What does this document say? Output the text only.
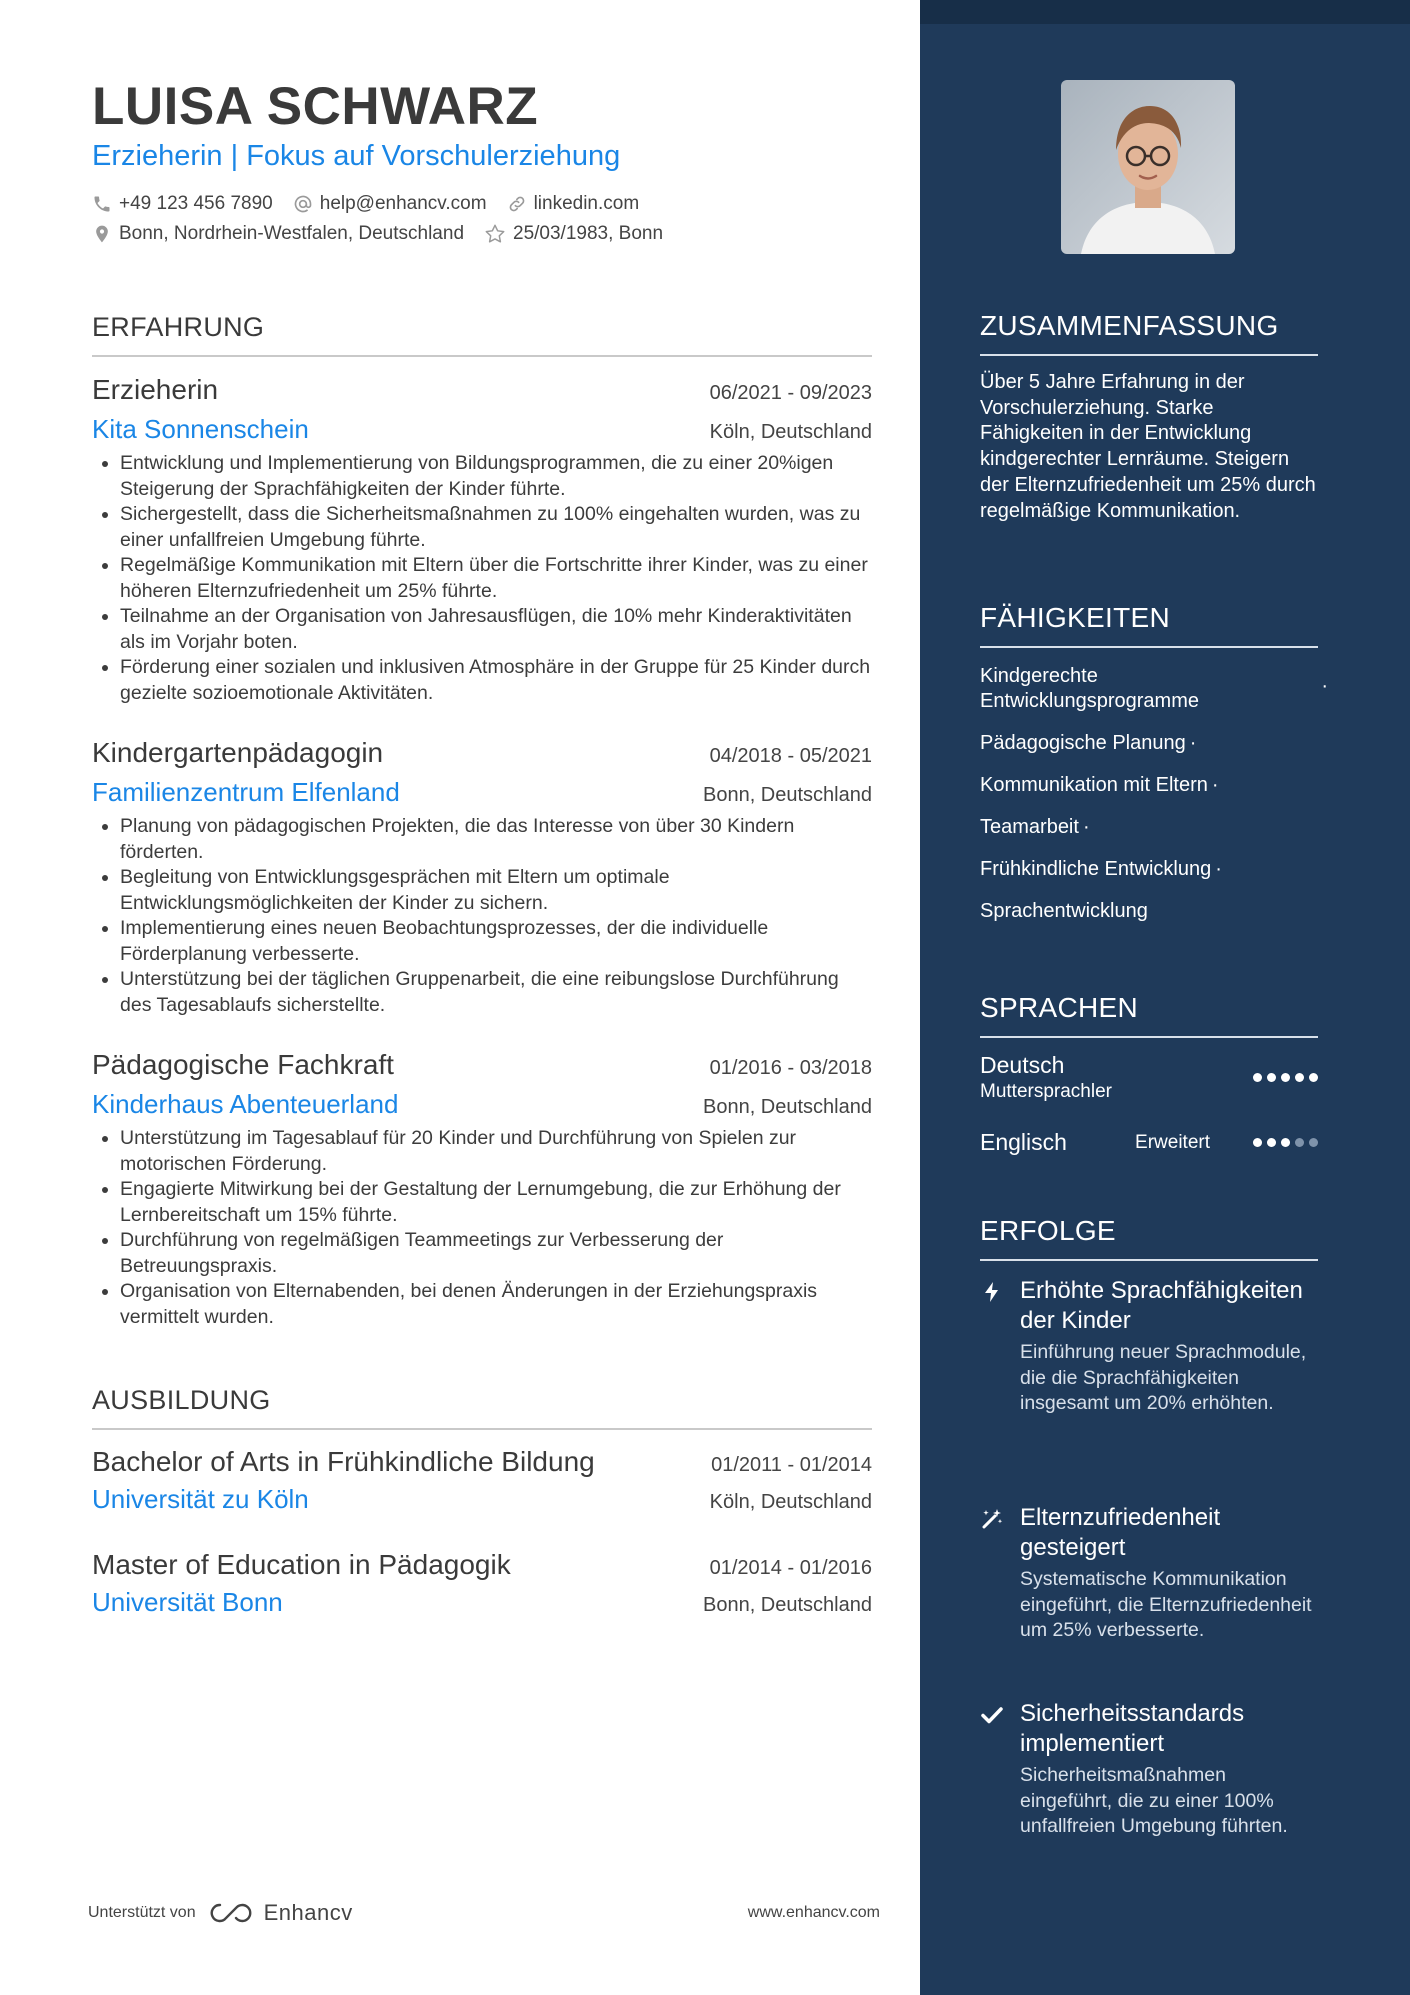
LUISA SCHWARZ
Erzieherin | Fokus auf Vorschulerziehung
+49 123 456 7890 help@enhancv.com linkedin.com
Bonn, Nordrhein-Westfalen, Deutschland	25/03/1983, Bonn
ERFAHRUNG
Erzieherin	06/2021 - 09/2023
Kita Sonnenschein	Köln, Deutschland
• Entwicklung und Implementierung von Bildungsprogrammen, die zu einer 20%igen Steigerung der Sprachfähigkeiten der Kinder führte.
• Sichergestellt, dass die Sicherheitsmaßnahmen zu 100% eingehalten wurden, was zu einer unfallfreien Umgebung führte.
• Regelmäßige Kommunikation mit Eltern über die Fortschritte ihrer Kinder, was zu einer höheren Elternzufriedenheit um 25% führte.
• Teilnahme an der Organisation von Jahresausflügen, die 10% mehr Kinderaktivitäten als im Vorjahr boten.
• Förderung einer sozialen und inklusiven Atmosphäre in der Gruppe für 25 Kinder durch gezielte sozioemotionale Aktivitäten.
Kindergartenpädagogin	04/2018 - 05/2021
Familienzentrum Elfenland	Bonn, Deutschland
• Planung von pädagogischen Projekten, die das Interesse von über 30 Kindern förderten.
• Begleitung von Entwicklungsgesprächen mit Eltern um optimale Entwicklungsmöglichkeiten der Kinder zu sichern.
• Implementierung eines neuen Beobachtungsprozesses, der die individuelle Förderplanung verbesserte.
• Unterstützung bei der täglichen Gruppenarbeit, die eine reibungslose Durchführung des Tagesablaufs sicherstellte.
Pädagogische Fachkraft	01/2016 - 03/2018
Kinderhaus Abenteuerland	Bonn, Deutschland
• Unterstützung im Tagesablauf für 20 Kinder und Durchführung von Spielen zur motorischen Förderung.
• Engagierte Mitwirkung bei der Gestaltung der Lernumgebung, die zur Erhöhung der Lernbereitschaft um 15% führte.
• Durchführung von regelmäßigen Teammeetings zur Verbesserung der Betreuungspraxis.
• Organisation von Elternabenden, bei denen Änderungen in der Erziehungspraxis vermittelt wurden.
AUSBILDUNG
Bachelor of Arts in Frühkindliche Bildung	01/2011 - 01/2014
Universität zu Köln	Köln, Deutschland
Master of Education in Pädagogik	01/2014 - 01/2016
Universität Bonn	Bonn, Deutschland
Unterstützt von	Enhancv	www.enhancv.com
ZUSAMMENFASSUNG
Über 5 Jahre Erfahrung in der Vorschulerziehung. Starke Fähigkeiten in der Entwicklung kindgerechter Lernräume. Steigern der Elternzufriedenheit um 25% durch regelmäßige Kommunikation.
FÄHIGKEITEN
Kindgerechte Entwicklungsprogramme
·
Pädagogische Planung ·
Kommunikation mit Eltern ·
Teamarbeit ·
Frühkindliche Entwicklung ·
Sprachentwicklung
SPRACHEN
Deutsch
Muttersprachler
Englisch	Erweitert
ERFOLGE
Erhöhte Sprachfähigkeiten der Kinder
Einführung neuer Sprachmodule, die die Sprachfähigkeiten insgesamt um 20% erhöhten.
Elternzufriedenheit gesteigert
Systematische Kommunikation eingeführt, die Elternzufriedenheit um 25% verbesserte.
Sicherheitsstandards implementiert
Sicherheitsmaßnahmen eingeführt, die zu einer 100% unfallfreien Umgebung führten.
